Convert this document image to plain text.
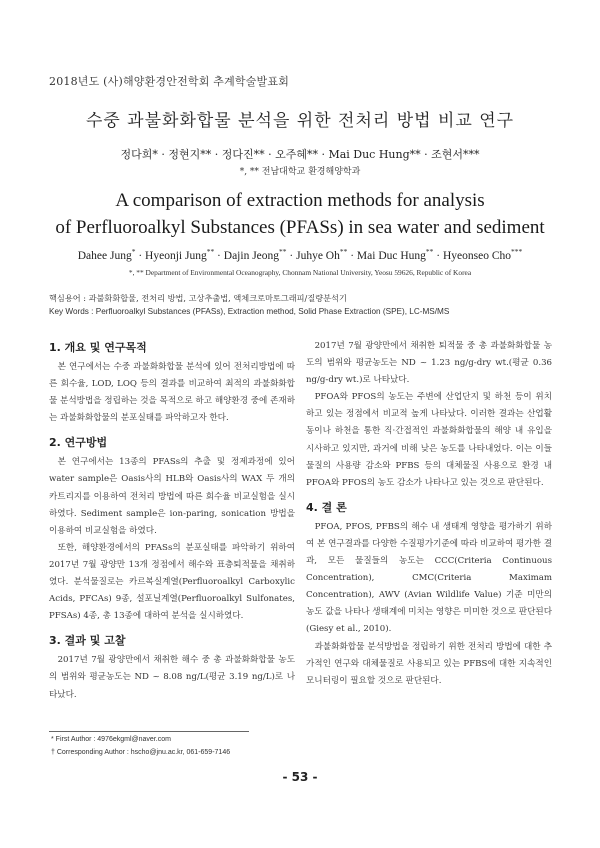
2018년도 (사)해양환경안전학회 추계학술발표회
수중 과불화화합물 분석을 위한 전처리 방법 비교 연구
정다희* · 정현지** · 정다진** · 오주혜** · Mai Duc Hung** · 조현서***
*, ** 전남대학교 환경해양학과
A comparison of extraction methods for analysis
of Perfluoroalkyl Substances (PFASs) in sea water and sediment
Dahee Jung* · Hyeonji Jung** · Dajin Jeong** · Juhye Oh** · Mai Duc Hung** · Hyeonseo Cho***
*, ** Department of Environmental Oceanography, Chonnam National University, Yeosu 59626, Republic of Korea
핵심용어 : 과불화화합물, 전처리 방법, 고상추출법, 액체크로마토그래피/질량분석기
Key Words : Perfluoroalkyl Substances (PFASs), Extraction method, Solid Phase Extraction (SPE), LC-MS/MS
1. 개요 및 연구목적

본 연구에서는 수중 과불화화합물 분석에 있어 전처리방법에 따른 회수율, LOD, LOQ 등의 결과를 비교하여 최적의 과불화화합물 분석방법을 정립하는 것을 목적으로 하고 해양환경 중에 존재하는 과불화화합물의 분포실태를 파악하고자 한다.

2. 연구방법

본 연구에서는 13종의 PFASs의 추출 및 정제과정에 있어 water sample은 Oasis사의 HLB와 Oasis사의 WAX 두 개의 카트리지를 이용하여 전처리 방법에 따른 회수율 비교실험을 실시하였다. Sediment sample은 ion-paring, sonication 방법을 이용하여 비교실험을 하였다.

또한, 해양환경에서의 PFASs의 분포실태를 파악하기 위하여 2017년 7월 광양만 13개 정점에서 해수와 표층퇴적물을 채취하였다. 분석물질로는 카르복실계열(Perfluoroalkyl Carboxylic Acids, PFCAs) 9종, 설포닐계열(Perfluoroalkyl Sulfonates, PFSAs) 4종, 총 13종에 대하여 분석을 실시하였다.

3. 결과 및 고찰

2017년 7월 광양만에서 채취한 해수 중 총 과불화화합물 농도의 범위와 평균농도는 ND ~ 8.08 ng/L(평균 3.19 ng/L)로 나타났다.

2017년 7월 광양만에서 채취한 퇴적물 중 총 과불화화합물 농도의 범위와 평균농도는 ND ~ 1.23 ng/g-dry wt.(평균 0.36 ng/g-dry wt.)로 나타났다.

PFOA와 PFOS의 농도는 주변에 산업단지 및 하천 등이 위치하고 있는 정점에서 비교적 높게 나타났다. 이러한 결과는 산업활동이나 하천을 통한 직·간접적인 과불화화합물의 해양 내 유입을 시사하고 있지만, 과거에 비해 낮은 농도를 나타내었다. 이는 이들 물질의 사용량 감소와 PFBS 등의 대체물질 사용으로 환경 내 PFOA와 PFOS의 농도 감소가 나타나고 있는 것으로 판단된다.

4. 결 론

PFOA, PFOS, PFBS의 해수 내 생태계 영향을 평가하기 위하여 본 연구결과를 다양한 수질평가기준에 따라 비교하여 평가한 결과, 모든 물질들의 농도는 CCC(Criteria Continuous Concentration), CMC(Criteria Maximam Concentration), AWV (Avian Wildlife Value) 기준 미만의 농도 값을 나타나 생태계에 미치는 영향은 미미한 것으로 판단된다(Giesy et al., 2010).

과불화화합물 분석방법을 정립하기 위한 전처리 방법에 대한 추가적인 연구와 대체물질로 사용되고 있는 PFBS에 대한 지속적인 모니터링이 필요할 것으로 판단된다.

* First Author : 4976ekgml@naver.com
† Corresponding Author : hscho@jnu.ac.kr, 061-659-7146
- 53 -
